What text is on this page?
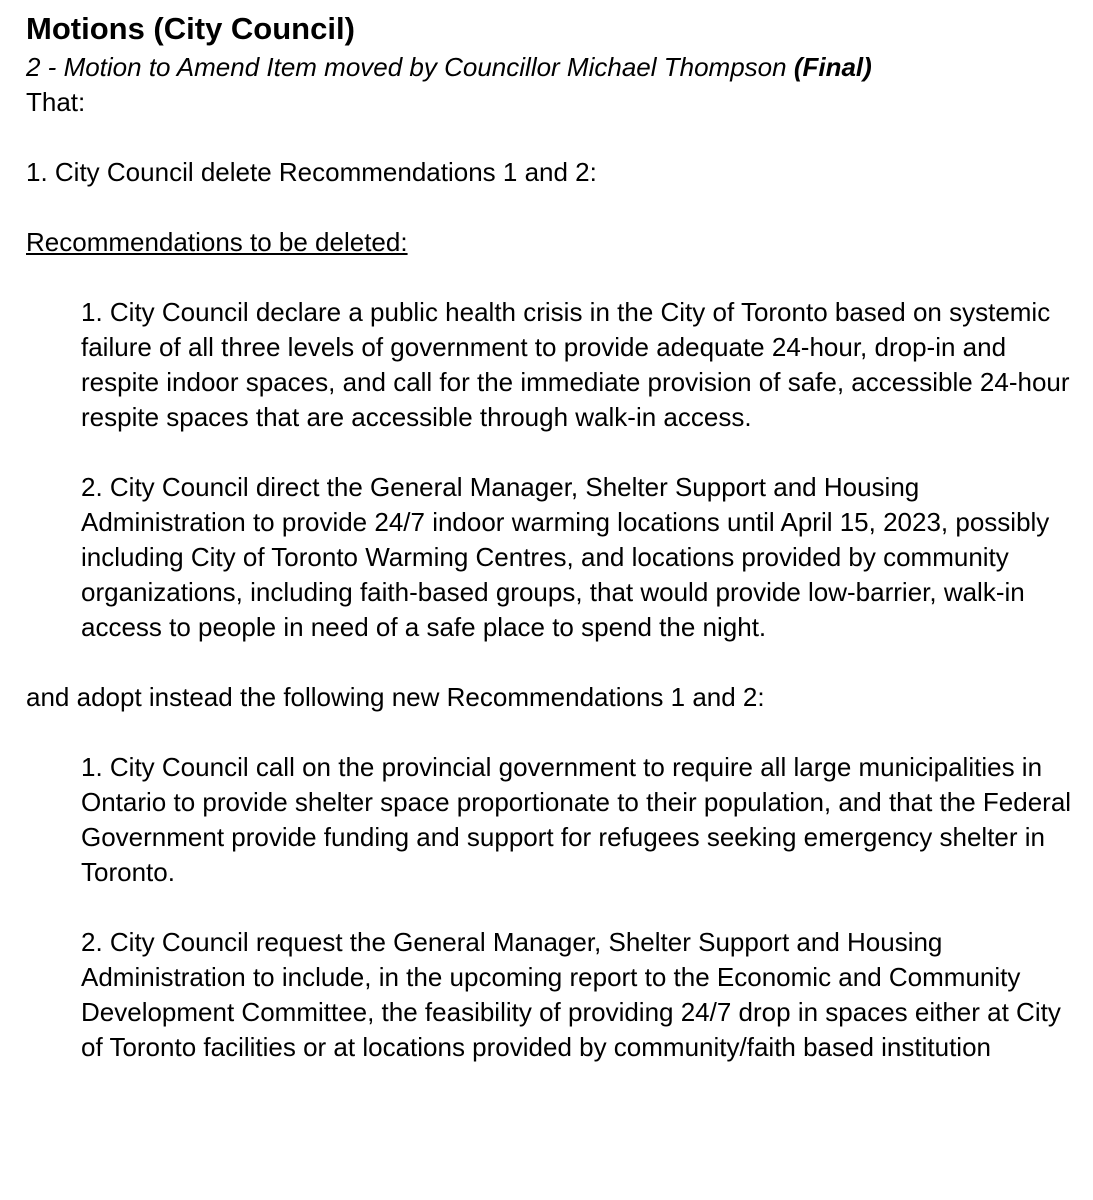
Motions (City Council)

2 - Motion to Amend Item moved by Councillor Michael Thompson (Final)

That:

1. City Council delete Recommendations 1 and 2:

Recommendations to be deleted:

1. City Council declare a public health crisis in the City of Toronto based on systemic failure of all three levels of government to provide adequate 24-hour, drop-in and respite indoor spaces, and call for the immediate provision of safe, accessible 24-hour respite spaces that are accessible through walk-in access.

2. City Council direct the General Manager, Shelter Support and Housing Administration to provide 24/7 indoor warming locations until April 15, 2023, possibly including City of Toronto Warming Centres, and locations provided by community organizations, including faith-based groups, that would provide low-barrier, walk-in access to people in need of a safe place to spend the night.

and adopt instead the following new Recommendations 1 and 2:

1. City Council call on the provincial government to require all large municipalities in Ontario to provide shelter space proportionate to their population, and that the Federal Government provide funding and support for refugees seeking emergency shelter in Toronto.

2. City Council request the General Manager, Shelter Support and Housing Administration to include, in the upcoming report to the Economic and Community Development Committee, the feasibility of providing 24/7 drop in spaces either at City of Toronto facilities or at locations provided by community/faith based institution
